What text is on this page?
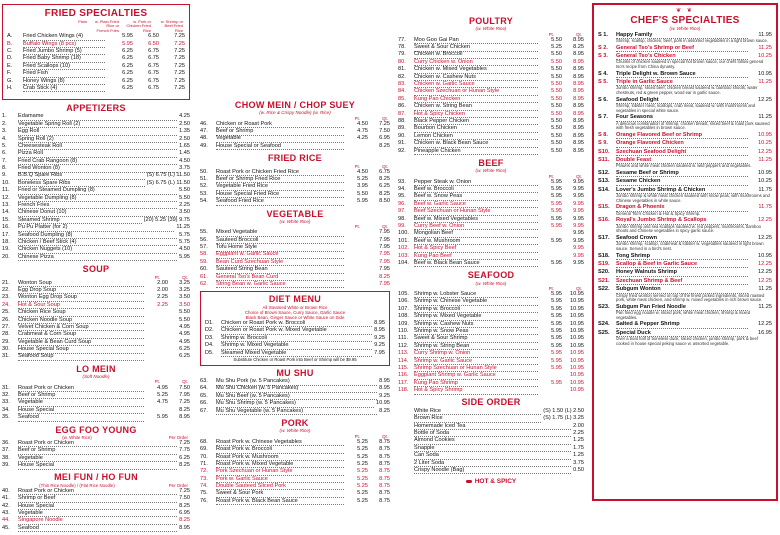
FRIED SPECIALTIES
Plain	w. Plain Fried Rice or French Fries
w. Pork or Chicken Fried Rice
w. Shrimp or Beef Fried Rice
A.	Fried Chicken Wings (4)	5.95	6.50	7.25
B.	Buffalo Wings (8 pcs)	5.95	6.50	7.25
C.	Fried Jumbo Shrimp (5)	6.25	6.75	7.25
D.	Fried Baby Shrimp (18)	6.25	6.75	7.25
E.	Fried Scallops (10)	6.25	6.75	7.25
F.	Fried Fish	6.25	6.75	7.25
G.	Honey Wings (8)	6.25	6.75	7.25
H.	Crab Stick (4)	6.25	6.75	7.25
APPETIZERS
1.	Edamame	4.25
2.	Vegetable Spring Roll (2)	2.50
3.	Egg Roll	1.35
4.	Spring Roll (2)	2.50
5.	Cheesesteak Roll	1.65
6.	Pizza Roll	1.45
7.	Fried Crab Rangoon (8)	4.50
8.	Fried Wonton (8)	3.75
9.	B.B.Q Spare Ribs	(S) 6.75 (L) 11.50
10.	Boneless Spare Ribs	(S) 6.75 (L) 11.50
11.	Fried or Steamed Dumpling (8)	5.50
12.	Vegetable Dumpling (8)	5.50
13.	French Fries	2.25
14.	Chinese Donut (10)	3.50
15.	Steamed Shrimp	(20) 5.25 (39) 9.75
16.	Pu Pu Platter (for 2)	11.25
17.	Seafood Dumpling (8)	5.75
18.	Chicken / Beef Stick (4)	5.75
19.	Chicken Nuggets (10)	4.50
20.	Chinese Pizza	5.95
SOUP
Pt.	Qt.
21.	Wonton Soup	2.00	3.25
22.	Egg Drop Soup	2.00	3.25
23.	Wonton Egg Drop Soup	2.25	3.50
24.	Hot & Sour Soup	2.25	3.50
25.	Chicken Rice Soup	5.50
26.	Chicken Noodle Soup	5.50
27.	Velvet Chicken & Corn Soup	4.95
28.	Crabmeat & Corn Soup	4.95
29.	Vegetable & Bean Curd Soup	4.95
30.	House Special Soup	6.25
31.	Seafood Soup	6.25
LO MEIN
(Soft Noodle)
Pt.	Qt.
31.	Roast Pork or Chicken	4.95	7.50
32.	Beef or Shrimp	5.25	7.95
33.	Vegetable	4.75	7.25
34.	House Special	8.25
35.	Seafood	5.95	8.95
EGG FOO YOUNG
(w. White Rice)	Per Order
36.	Roast Pork or Chicken	7.25
37.	Beef or Shrimp	7.75
38.	Vegetable	6.25
39.	House Special	8.25
MEI FUN / HO FUN
(Thin Rice Noodle) / (Flat Rice Noodle)	Per Order
40.	Roast Pork or Chicken	7.25
41.	Shrimp or Beef	7.50
42.	House Special	8.25
43.	Vegetable	6.95
44.	Singapore Noodle	8.25
45.	Seafood	8.95
CHOW MEIN / CHOP SUEY
(w. Rice & Crispy Noodle) (w. Rice)
Pt.	Qt.
46.	Chicken or Roast Pork	4.50	7.25
47.	Beef or Shrimp	4.75	7.50
48.	Vegetable	4.25	6.95
49.	House Special or Seafood	8.25
FRIED RICE
Pt.	Qt.
50.	Roast Pork or Chicken Fried Rice	4.50	6.75
51.	Beef or Shrimp Fried Rice	5.25	8.25
52.	Vegetable Fried Rice	3.95	6.25
53.	House Special Fried Rice	5.50	8.25
54.	Seafood Fried Rice	5.95	8.50
VEGETABLE
(w. White Rice)
Pt.	Qt.
55.	Mixed Vegetable	7.95
56.	Sauteed Broccoli	7.95
57.	Tofu Home Style	7.95
58.	Eggplant w. Garlic Sauce	7.95
59.	Bean Curd Szechuan Style	7.95
60.	Sauteed String Bean	7.95
61.	General Tso's Bean Curd	8.25
62.	String Bean w. Garlic Sauce	7.95
DIET MENU
All Steamed White or Brown Rice
Choice of Brown Sauce, Curry Sauce, Garlic Sauce
Black Bean, Ginger Sauce or White Sauce on Side
D1.	Chicken or Roast Pork w. Broccoli	8.95
D2.	Chicken or Roast Pork w. Mixed Vegetable	8.95
D3.	Shrimp w. Broccoli	9.25
D4.	Shrimp w. Mixed Vegetable	9.25
D5.	Steamed Mixed Vegetable	7.95
Substitute Chicken or Roast Pork into Beef or Shrimp will be $9.95
MU SHU
63.	Mu Shu Pork (w. 5 Pancakes)	8.95
64.	Mu Shu Chicken (w. 5 Pancakes)	8.95
65.	Mu Shu Beef (w. 5 Pancakes)	9.25
66.	Mu Shu Shrimp (w. 5 Pancakes)	10.95
67.	Mu Shu Vegetable (w. 5 Pancakes)	8.25
PORK
(w. White Rice)
Pt.	Qt.
68.	Roast Pork w. Chinese Vegetables	5.25	8.75
69.	Roast Pork w. Broccoli	5.25	8.75
70.	Roast Pork w. Mushroom	5.25	8.75
71.	Roast Pork w. Mixed Vegetable	5.25	8.75
72.	Pork Szechuan or Hunan Style	5.25	8.75
73.	Pork w. Garlic Sauce	5.25	8.75
74.	Double Sauteed Sliced Pork	5.25	8.75
75.	Sweet & Sour Pork	5.25	8.75
76.	Roast Pork w. Black Bean Sauce	5.25	8.75
POULTRY
(w. White Rice)
Pt.	Qt.
77.	Moo Goo Gai Pan	5.50	8.95
78.	Sweet & Sour Chicken	5.25	8.25
79.	Chicken w. Broccoli	5.50	8.95
80.	Curry Chicken w. Onion	5.50	8.95
81.	Chicken w. Mixed Vegetables	5.50	8.95
82.	Chicken w. Cashew Nuts	5.50	8.95
83.	Chicken w. Garlic Sauce	5.50	8.95
84.	Chicken Szechuan or Hunan Style	5.50	8.95
85.	Kung Pao Chicken	5.50	8.95
86.	Chicken w. String Bean	5.50	8.95
87.	Hot & Spicy Chicken	5.50	8.95
88.	Black Pepper Chicken	5.50	8.95
89.	Bourbon Chicken	5.50	8.95
90.	Lemon Chicken	5.50	8.95
91.	Chicken w. Black Bean Sauce	5.50	8.95
92.	Pineapple Chicken	5.50	8.95
BEEF
(w. White Rice)
Pt.	Qt.
93.	Pepper Steak w. Onion	5.95	9.95
94.	Beef w. Broccoli	5.95	9.95
95.	Beef w. Snow Peas	5.95	9.95
96.	Beef w. Garlic Sauce	5.95	9.95
97.	Beef Szechuan or Hunan Style	5.95	9.95
98.	Beef w. Mixed Vegetables	5.95	9.95
99.	Curry Beef w. Onion	5.95	9.95
100. Mongolian Beef	9.95
101. Beef w. Mushroom	5.95	9.95
102. Hot & Spicy Beef	9.95
103. Kung Pao Beef	9.95
104. Beef w. Black Bean Sauce	5.95	9.95
SEAFOOD
(w. White Rice)
Pt.	Qt.
105. Shrimp w. Lobster Sauce	5.95	10.95
106. Shrimp w. Chinese Vegetable	5.95	10.95
107. Shrimp w. Broccoli	5.95	10.95
108. Shrimp w. Mixed Vegetable	5.95	10.95
109. Shrimp w. Cashew Nuts	5.95	10.95
110. Shrimp w. Snow Peas	5.95	10.95
111.	Sweet & Sour Shrimp	5.95	10.95
112. Shrimp w. String Bean	5.95	10.95
113. Curry Shrimp w. Onion	5.95	10.95
114. Shrimp w. Garlic Sauce	5.95	10.95
115. Shrimp Szechuan or Hunan Style	5.95	10.95
116. Eggplant Shrimp w. Garlic Sauce	10.95
117. Kung Pao Shrimp	5.95	10.95
118. Hot & Spicy Shrimp	10.95
SIDE ORDER
White Rice	(S) 1.50 (L) 2.50
Brown Rice	(S) 1.75 (L) 3.25
Homemade Iced Tea	2.00
Bottle of Soda	2.25
Almond Cookies	1.25
Snapple	1.75
Can Soda	1.25
2 Liter Soda	3.75
Crispy Noodle (Bag)	0.50
HOT & SPICY
❦ ❦
CHEF'S SPECIALTIES
(w. White Rice)
S 1.	Happy Family	11.95
Shrimp, scallop, chicken, beef, pork in assorted vegetables in a light brown sauce.
S 2.	General Tso's Shrimp or Beef	11.25
S 3.	General Tso's Chicken	10.25
Chunks of chicken sauteed in special hot brown sauce, our chefs follow general tso's recipe from China dynasty.
S 4.	Triple Delight w. Brown Sauce	10.95
S 5.	Triple in Garlic Sauce	11.25
Jumbo shrimp, sliced beef, chicken breast sauteed w. bamboo shoots, water chestnuts, red & green pepper, wood ear in garlic sauce.
S 6.	Seafood Delight	12.25
Shrimp, lobster meat, scallops, crab meat, sauteed w. with mushrooms and vegetables in special white sauce.
S 7.	Four Seasons	11.25
A delicious combination of shrimp, chicken breast, sliced beef & roast pork sauteed with fresh vegetables in brown sauce.
S 8.	Orange Flavored Beef or Shrimp	10.95
S 9.	Orange Flavored Chicken	10.25
S10.	Szechuan Seafood Delight	12.25
S11.	Double Feast	11.25
Prawns and white meat chicken sauteed w. wild peppers and vegetables.
S12.	Sesame Beef or Shrimp	10.95
S13.	Sesame Chicken	10.25
S14.	Lover's Jumbo Shrimp & Chicken	11.75
Jumbo shrimp & white meat chicken sauteed with snow peas, with mushrooms and Chinese vegetables in white sauce.
S15.	Dragon & Phoenix	11.75
General Tso's Chicken & Hot & Spicy Shrimp.
S16.	Royal's Jumbo Shrimp & Scallops	12.25
Jumbo shrimp and sea scallops sauteed w. red peppers, mushrooms, bamboo shoots and Chinese vegetables in spicy garlic sauce.
S17.	Seafood Crown	12.25
Jumbo shrimp, scallop, crabmeat & lobster w. vegetables sauteed in light brown sauce. Served in a bird's nest.
S18.	Tong Shrimp	10.95
S19.	Scallop & Beef in Garlic Sauce	12.25
S20.	Honey Walnuts Shrimp	12.25
S21.	Szechuan Shrimp & Beef	12.25
S22.	Subgum Wonton	11.25
Crispy fried wonton served on top of the finest picked ingredients, sliced roasted pork, white meat chicken, and shrimp w. mixed vegetables in rich brown sauce.
S23.	Subgum Pan Fried Noodle	11.25
Pan fried egg noodle w. sliced pork, white meat chicken, shrimp & mixed vegetables.
S24.	Salted & Pepper Shrimp	12.25
S25.	Special Duck	16.95
Over a boat half of boneless duck, sliced chicken, jumbo shrimp, pork & beef cooked in house special peking sauce w. assorted vegetable.
